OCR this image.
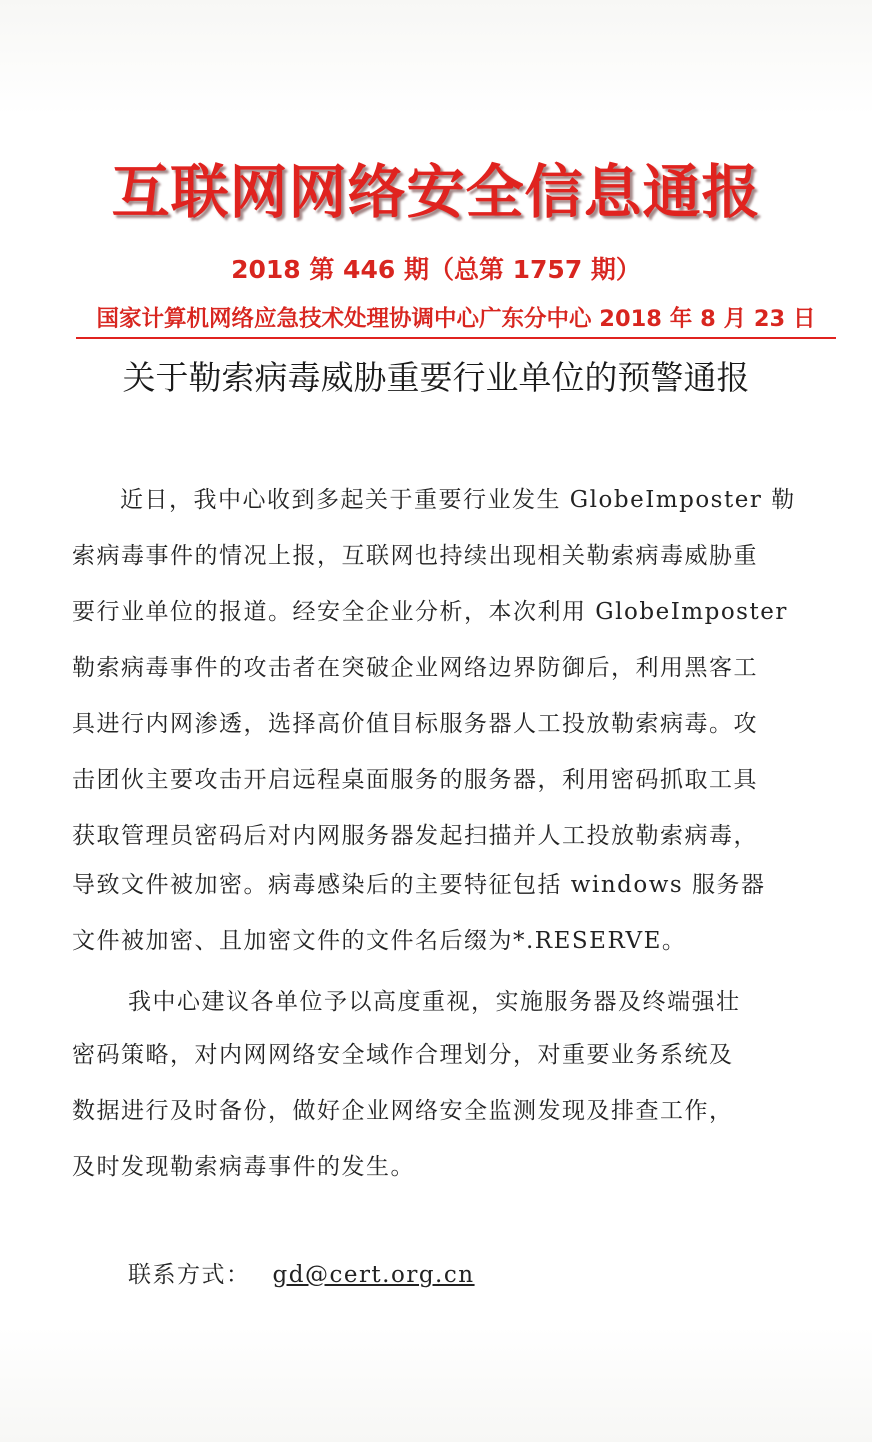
互联网网络安全信息通报
2018 第 446 期（总第 1757 期）
国家计算机网络应急技术处理协调中心广东分中心 2018 年 8 月 23 日
关于勒索病毒威胁重要行业单位的预警通报
近日，我中心收到多起关于重要行业发生 GlobeImposter 勒
索病毒事件的情况上报，互联网也持续出现相关勒索病毒威胁重
要行业单位的报道。经安全企业分析，本次利用 GlobeImposter
勒索病毒事件的攻击者在突破企业网络边界防御后，利用黑客工
具进行内网渗透，选择高价值目标服务器人工投放勒索病毒。攻
击团伙主要攻击开启远程桌面服务的服务器，利用密码抓取工具
获取管理员密码后对内网服务器发起扫描并人工投放勒索病毒，
导致文件被加密。病毒感染后的主要特征包括 windows 服务器
文件被加密、且加密文件的文件名后缀为*.RESERVE。
我中心建议各单位予以高度重视，实施服务器及终端强壮
密码策略，对内网网络安全域作合理划分，对重要业务系统及
数据进行及时备份，做好企业网络安全监测发现及排查工作，
及时发现勒索病毒事件的发生。
联系方式： gd@cert.org.cn
